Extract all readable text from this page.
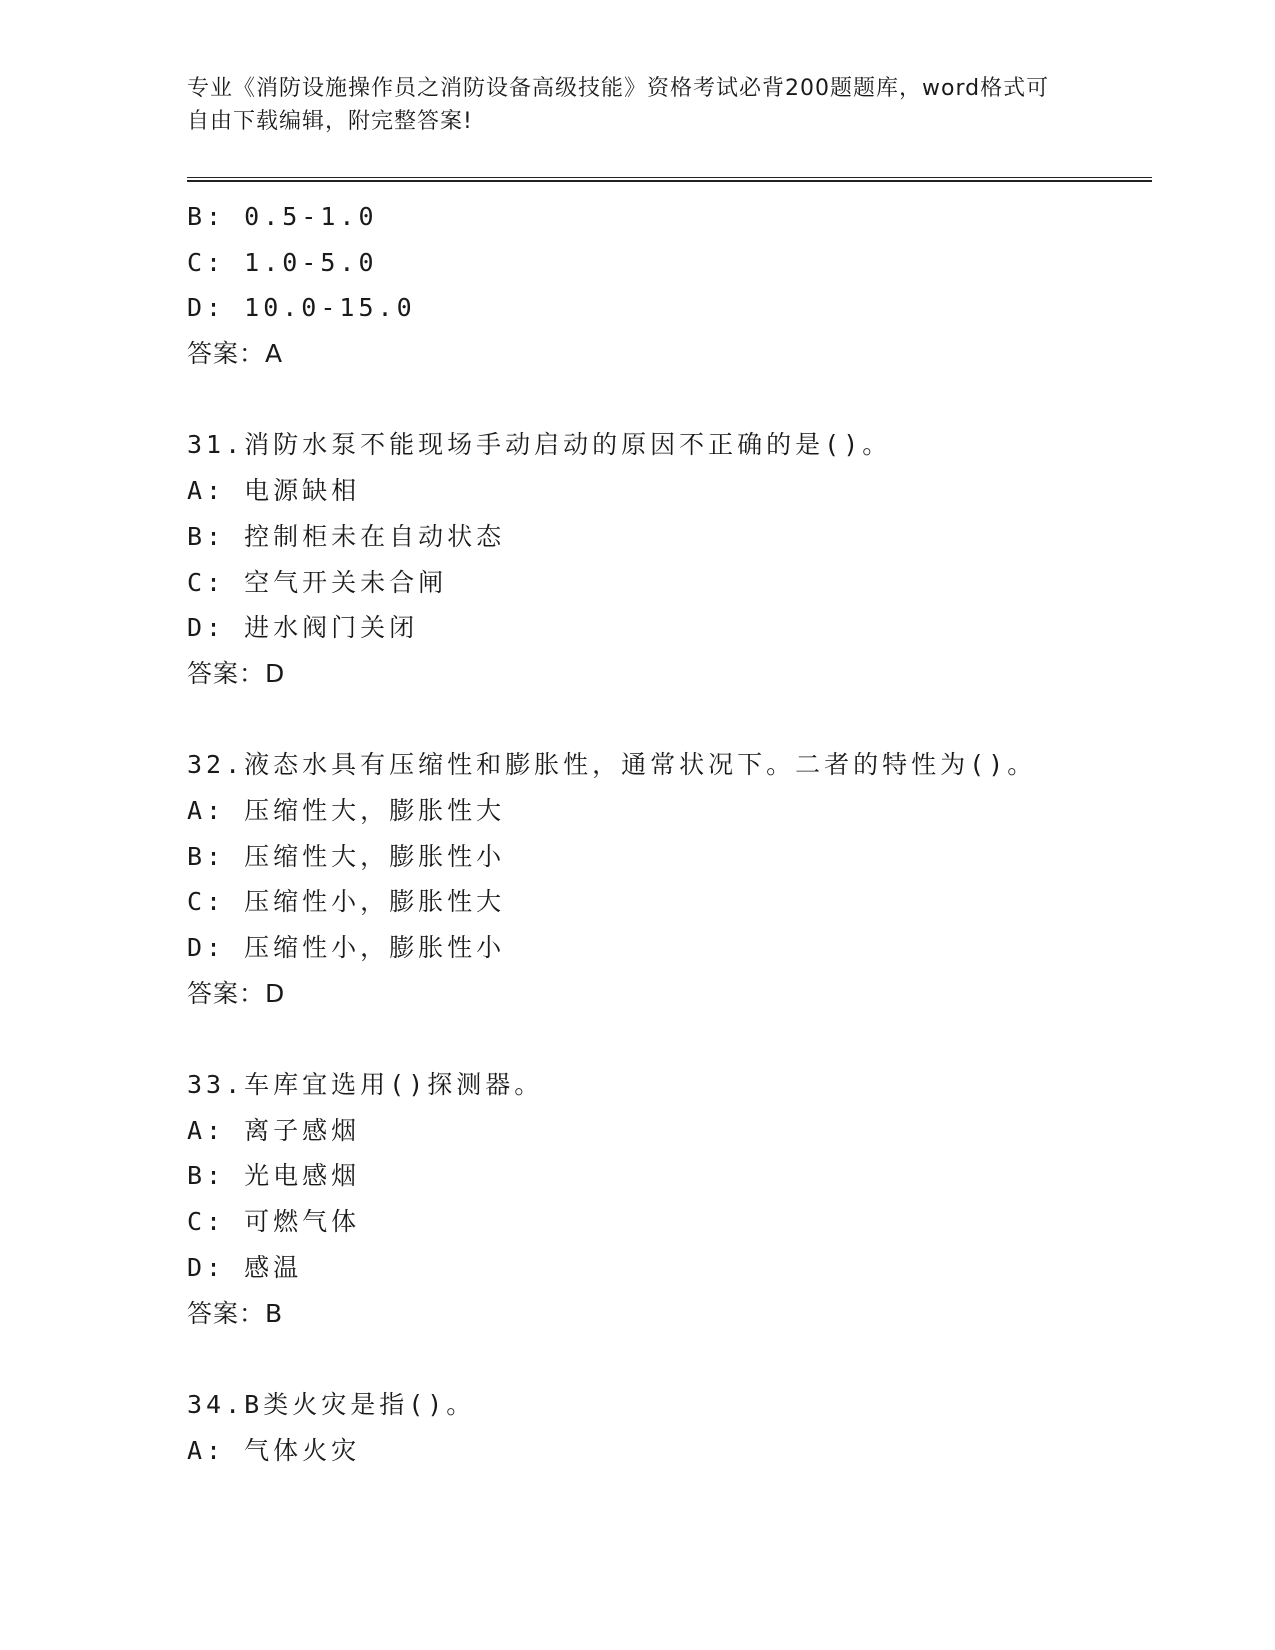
专业《消防设施操作员之消防设备高级技能》资格考试必背200题题库，word格式可自由下载编辑，附完整答案!
B: 0.5-1.0
C: 1.0-5.0
D: 10.0-15.0
答案：A
31.消防水泵不能现场手动启动的原因不正确的是()。
A: 电源缺相
B: 控制柜未在自动状态
C: 空气开关未合闸
D: 进水阀门关闭
答案：D
32.液态水具有压缩性和膨胀性，通常状况下。二者的特性为()。
A: 压缩性大，膨胀性大
B: 压缩性大，膨胀性小
C: 压缩性小，膨胀性大
D: 压缩性小，膨胀性小
答案：D
33.车库宜选用()探测器。
A: 离子感烟
B: 光电感烟
C: 可燃气体
D: 感温
答案：B
34.B类火灾是指()。
A: 气体火灾
